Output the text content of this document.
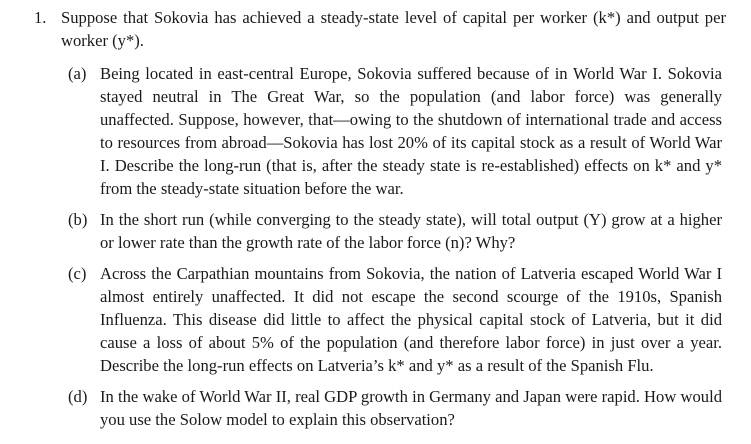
1. Suppose that Sokovia has achieved a steady-state level of capital per worker (k*) and output per worker (y*).
(a) Being located in east-central Europe, Sokovia suffered because of in World War I. Sokovia stayed neutral in The Great War, so the population (and labor force) was generally unaffected. Suppose, however, that—owing to the shutdown of international trade and access to resources from abroad—Sokovia has lost 20% of its capital stock as a result of World War I. Describe the long-run (that is, after the steady state is re-established) effects on k* and y* from the steady-state situation before the war.
(b) In the short run (while converging to the steady state), will total output (Y) grow at a higher or lower rate than the growth rate of the labor force (n)? Why?
(c) Across the Carpathian mountains from Sokovia, the nation of Latveria escaped World War I almost entirely unaffected. It did not escape the second scourge of the 1910s, Spanish Influenza. This disease did little to affect the physical capital stock of Latveria, but it did cause a loss of about 5% of the population (and therefore labor force) in just over a year. Describe the long-run effects on Latveria’s k* and y* as a result of the Spanish Flu.
(d) In the wake of World War II, real GDP growth in Germany and Japan were rapid. How would you use the Solow model to explain this observation?
